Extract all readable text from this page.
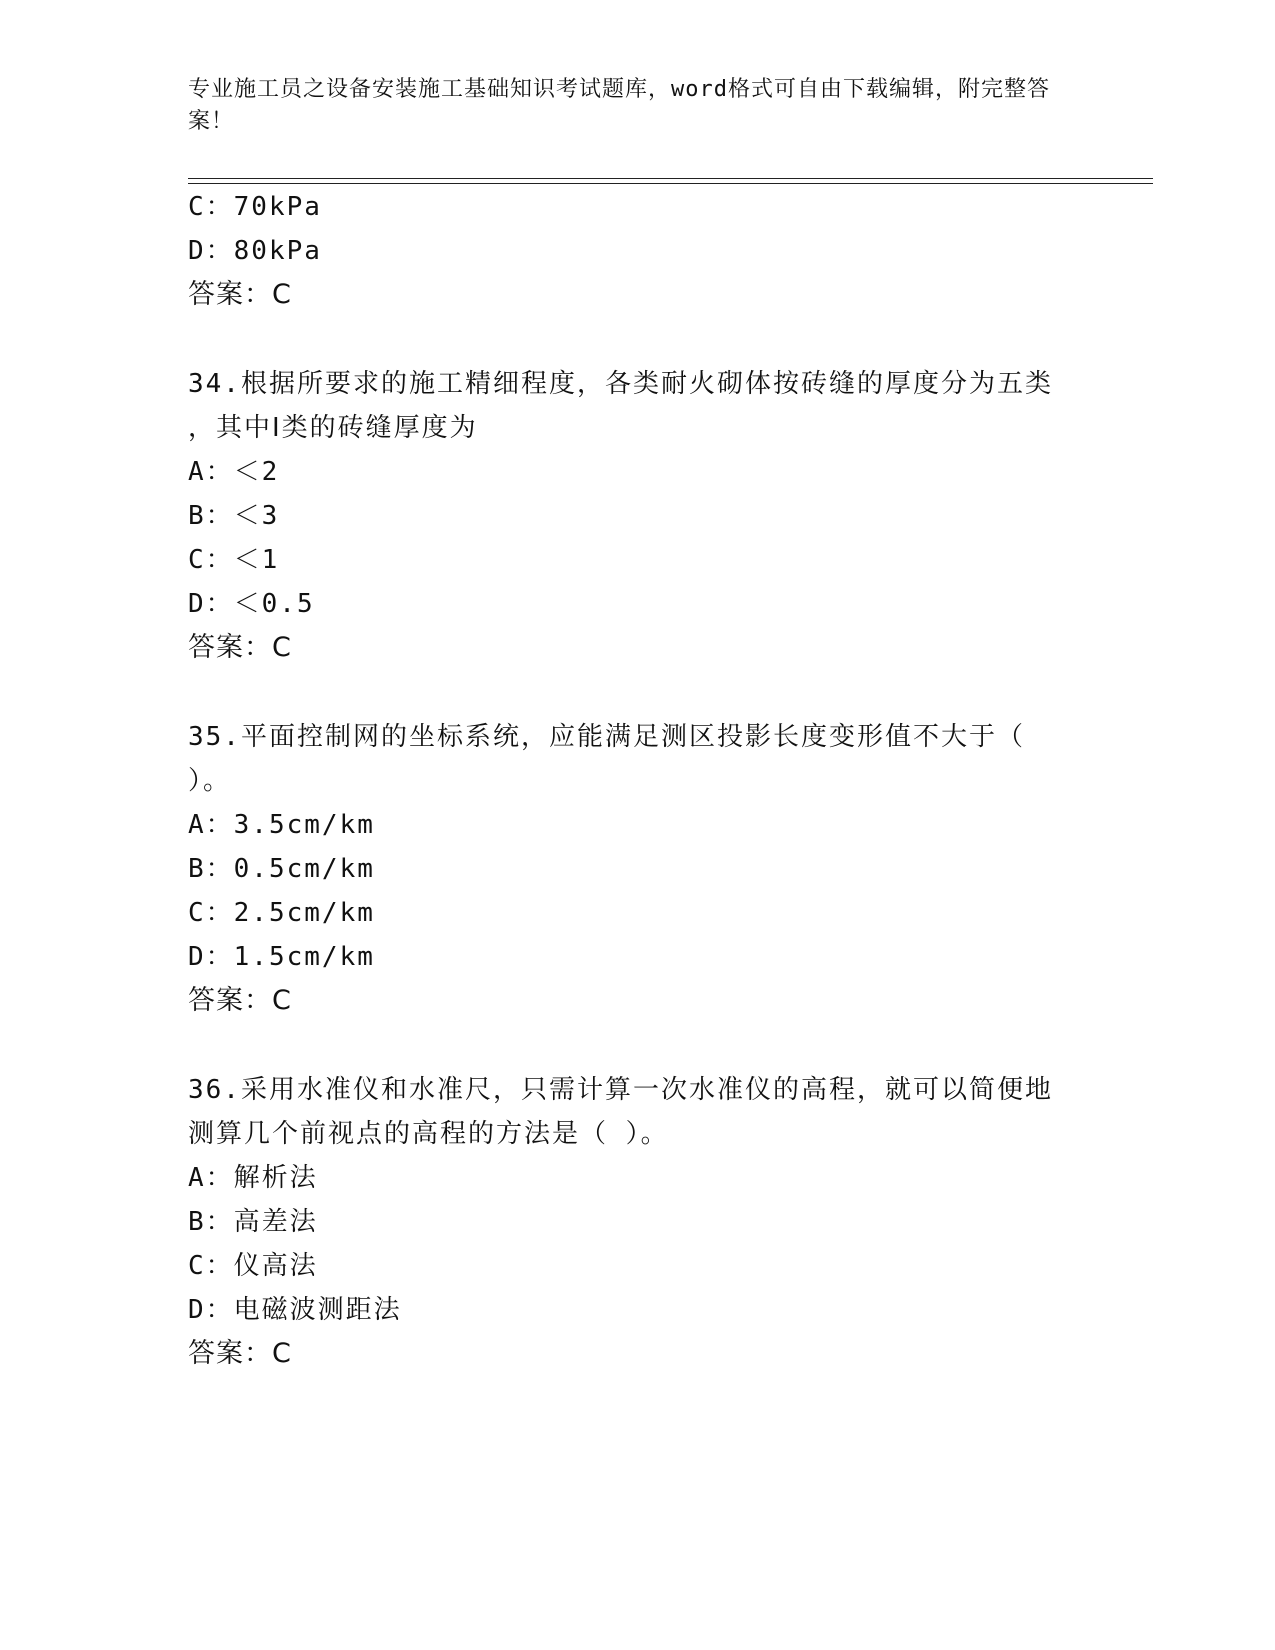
专业施工员之设备安装施工基础知识考试题库，word格式可自由下载编辑，附完整答案！
C：70kPa
D：80kPa
答案：C
34.根据所要求的施工精细程度，各类耐火砌体按砖缝的厚度分为五类
，其中Ⅰ类的砖缝厚度为
A：＜2
B：＜3
C：＜1
D：＜0.5
答案：C
35.平面控制网的坐标系统，应能满足测区投影长度变形值不大于（
）。
A：3.5cm/km
B：0.5cm/km
C：2.5cm/km
D：1.5cm/km
答案：C
36.采用水准仪和水准尺，只需计算一次水准仪的高程，就可以简便地
测算几个前视点的高程的方法是（ ）。
A：解析法
B：高差法
C：仪高法
D：电磁波测距法
答案：C
